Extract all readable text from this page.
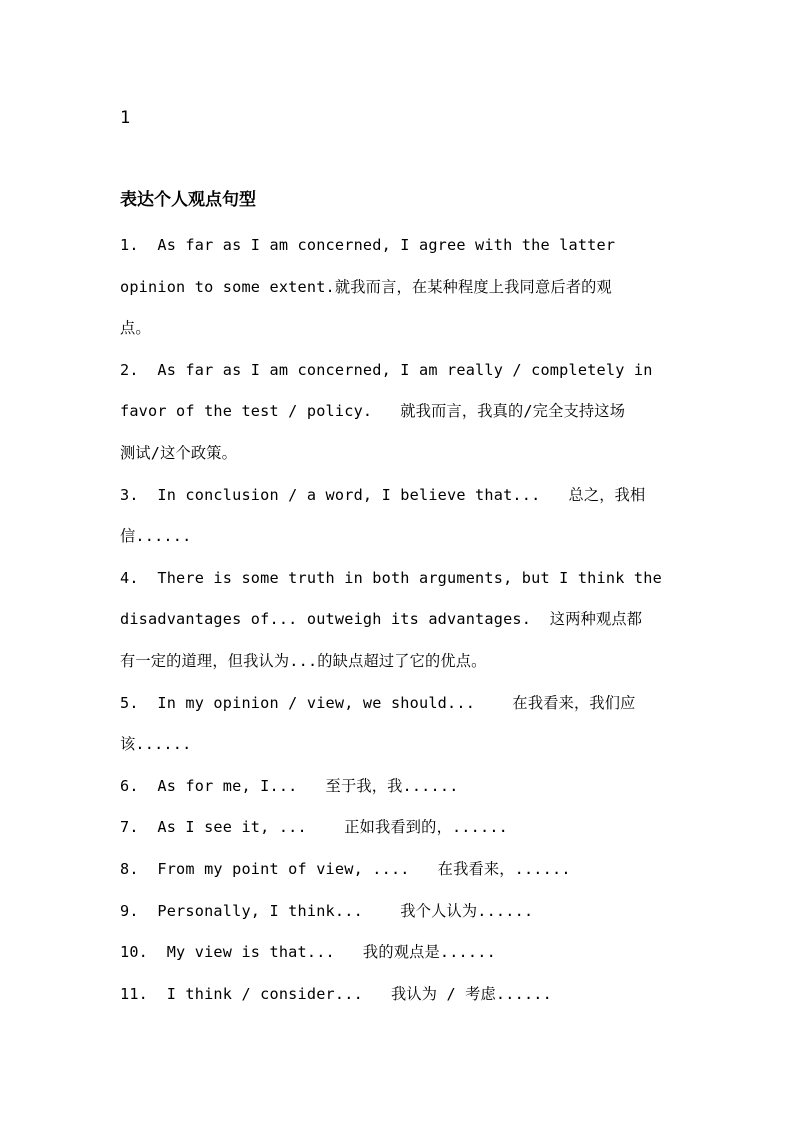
1
表达个人观点句型
1.  As far as I am concerned, I agree with the latter
opinion to some extent.就我而言，在某种程度上我同意后者的观
点。
2.  As far as I am concerned, I am really / completely in
favor of the test / policy.   就我而言，我真的/完全支持这场
测试/这个政策。
3.  In conclusion / a word, I believe that...   总之，我相
信......
4.  There is some truth in both arguments, but I think the
disadvantages of... outweigh its advantages.  这两种观点都
有一定的道理，但我认为...的缺点超过了它的优点。
5.  In my opinion / view, we should...    在我看来，我们应
该......
6.  As for me, I...   至于我，我......
7.  As I see it, ...    正如我看到的，......
8.  From my point of view, ....   在我看来，......
9.  Personally, I think...    我个人认为......
10.  My view is that...   我的观点是......
11.  I think / consider...   我认为 / 考虑......
